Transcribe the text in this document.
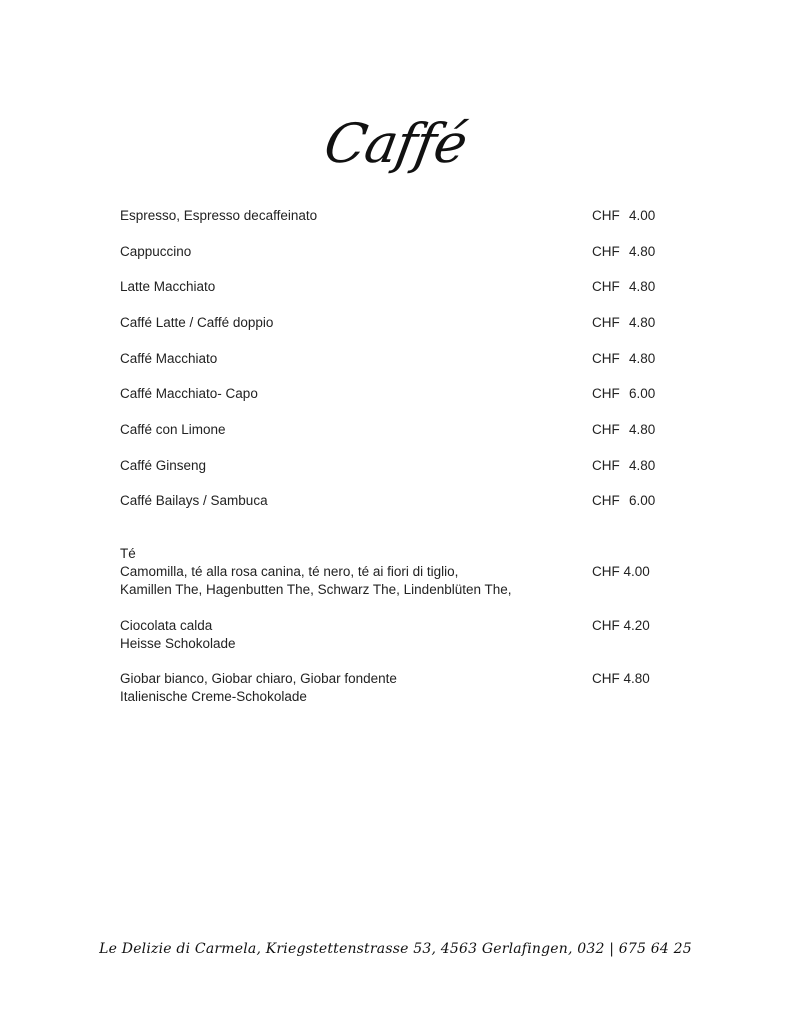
Caffé
Espresso, Espresso decaffeinato	CHF 4.00
Cappuccino	CHF 4.80
Latte Macchiato	CHF 4.80
Caffé Latte / Caffé doppio	CHF 4.80
Caffé Macchiato	CHF 4.80
Caffé Macchiato- Capo	CHF 6.00
Caffé con Limone	CHF 4.80
Caffé Ginseng	CHF 4.80
Caffé Bailays / Sambuca	CHF 6.00
Té
Camomilla, té alla rosa canina, té nero, té ai fiori di tiglio,
Kamillen The, Hagenbutten The, Schwarz The, Lindenblüten The,
CHF 4.00
Ciocolata calda
Heisse Schokolade
CHF 4.20
Giobar bianco, Giobar chiaro, Giobar fondente
Italienische Creme-Schokolade
CHF 4.80
Le Delizie di Carmela, Kriegstettenstrasse 53, 4563 Gerlafingen, 032 | 675 64 25
